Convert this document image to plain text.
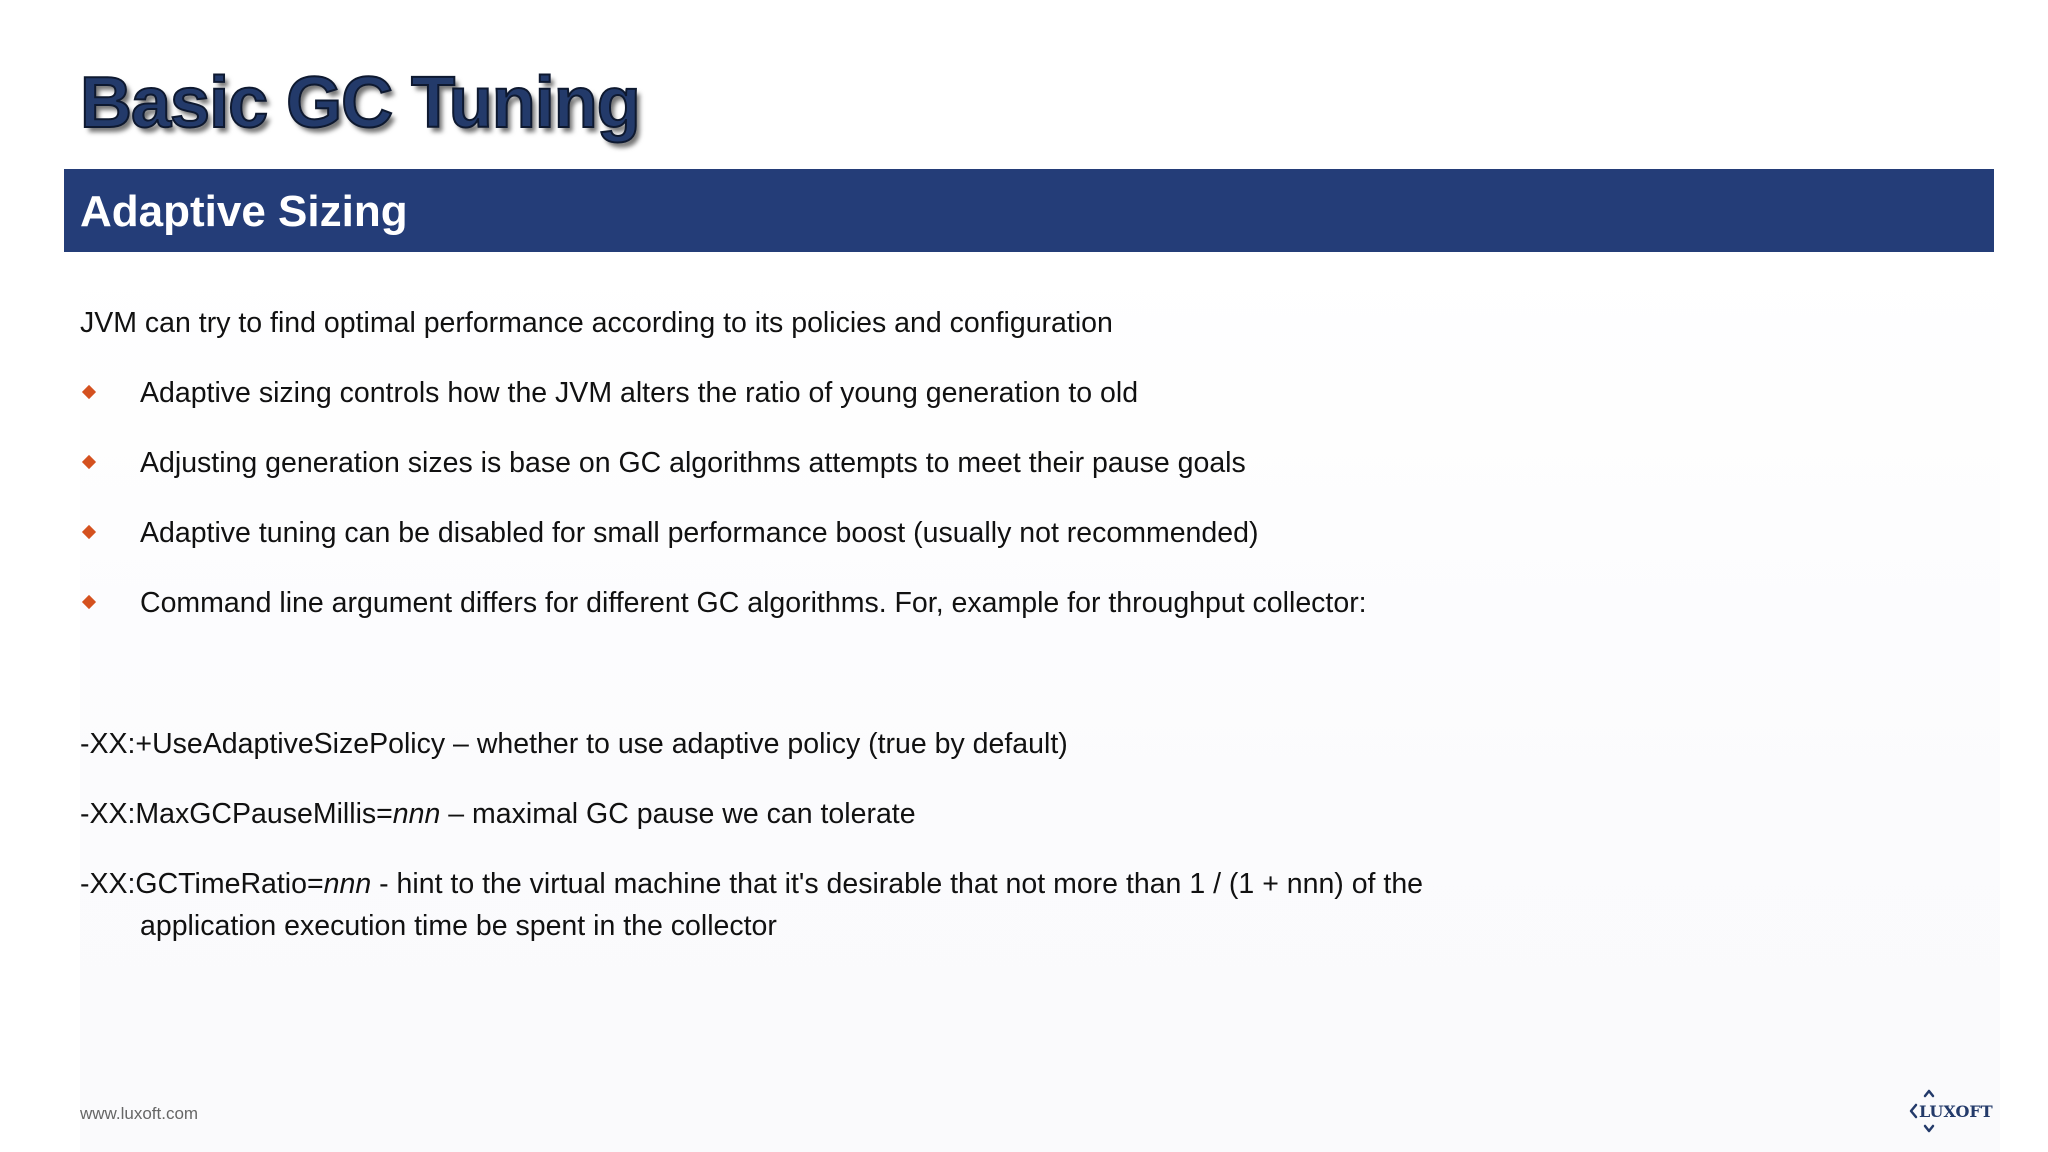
Basic GC Tuning
Adaptive Sizing
JVM can try to find optimal performance according to its policies and configuration
Adaptive sizing controls how the JVM alters the ratio of young generation to old
Adjusting generation sizes is base on GC algorithms attempts to meet their pause goals
Adaptive tuning can be disabled for small performance boost (usually not recommended)
Command line argument differs for different GC algorithms. For, example for throughput collector:
-XX:+UseAdaptiveSizePolicy – whether to use adaptive policy (true by default)
-XX:MaxGCPauseMillis=nnn – maximal GC pause we can tolerate
-XX:GCTimeRatio=nnn - hint to the virtual machine that it's desirable that not more than 1 / (1 + nnn) of the
application execution time be spent in the collector
www.luxoft.com	LUXOFT
